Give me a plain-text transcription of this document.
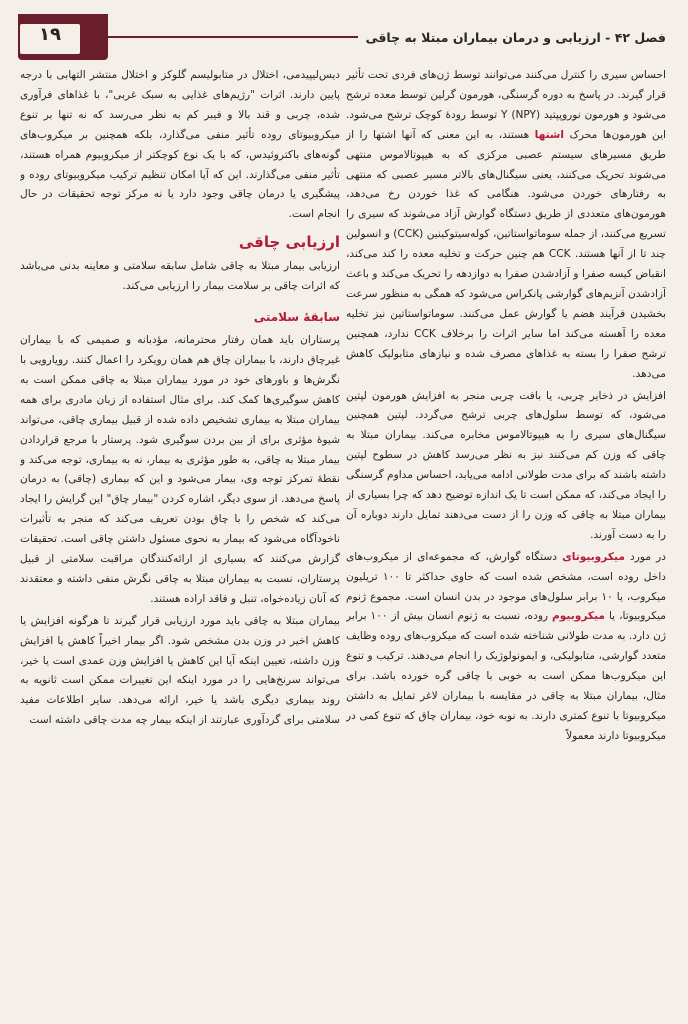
فصل ۴۲ - ارزیابی و درمان بیماران مبتلا به چاقی
۱۹

احساس سیری را کنترل می‌کنند می‌توانند توسط ژن‌های فردی تحت تأثیر قرار گیرند. در پاسخ به دوره گرسنگی، هورمون گرلین توسط معده ترشح می‌شود و هورمون نوروپپتید Y (NPY) توسط رودهٔ کوچک ترشح می‌شود. این هورمون‌ها محرک اشتها هستند، به این معنی که آنها اشتها را از طریق مسیرهای سیستم عصبی مرکزی که به هیپوتالاموس منتهی می‌شوند تحریک می‌کنند، یعنی سیگنال‌های بالاتر مسیر عصبی که منتهی به رفتارهای خوردن می‌شود. هنگامی که غذا خوردن رخ می‌دهد، هورمون‌های متعددی از طریق دستگاه گوارش آزاد می‌شوند که سیری را تسریع می‌کنند، از جمله سوماتواستاتین، کوله‌سیتوکینین (CCK) و انسولین چند تا از آنها هستند. CCK هم چنین حرکت و تخلیه معده را کند می‌کند، انقباض کیسه صفرا و آزادشدن صفرا به دوازدهه را تحریک می‌کند و باعث آزادشدن آنزیم‌های گوارشی پانکراس می‌شود که همگی به منظور سرعت بخشیدن فرآیند هضم یا گوارش عمل می‌کنند. سوماتواستاتین نیز تخلیه معده را آهسته می‌کند اما سایر اثرات را برخلاف CCK ندارد، همچنین ترشح صفرا را بسته به غذاهای مصرف شده و نیازهای متابولیک کاهش می‌دهد.

افزایش در ذخایر چربی، یا بافت چربی منجر به افزایش هورمون لپتین می‌شود، که توسط سلول‌های چربی ترشح می‌گردد. لپتین همچنین سیگنال‌های سیری را به هیپوتالاموس مخابره می‌کند. بیماران مبتلا به چاقی که وزن کم می‌کنند نیز به نظر می‌رسد کاهش در سطوح لپتین داشته باشند که برای مدت طولانی ادامه می‌یابد، احساس مداوم گرسنگی را ایجاد می‌کند، که ممکن است تا یک اندازه توضیح دهد که چرا بسیاری از بیماران مبتلا به چاقی که وزن را از دست می‌دهند تمایل دارند دوباره آن را به دست آورند.

در مورد میکروبیوتای دستگاه گوارش، که مجموعه‌ای از میکروب‌های داخل روده است، مشخص شده است که حاوی حداکثر تا ۱۰۰ تریلیون میکروب، یا ۱۰ برابر سلول‌های موجود در بدن انسان است. مجموع ژنوم میکروبیوتا، یا میکروبیوم روده، نسبت به ژنوم انسان بیش از ۱۰۰ برابر ژن دارد. به مدت طولانی شناخته شده است که میکروب‌های روده وظایف متعدد گوارشی، متابولیکی، و ایمونولوژیک را انجام می‌دهند. ترکیب و تنوع این میکروب‌ها ممکن است به خوبی با چاقی گره خورده باشد. برای مثال، بیماران مبتلا به چاقی در مقایسه با بیماران لاغر تمایل به داشتن میکروبیوتا با تنوع کمتری دارند. به نوبه خود، بیماران چاق که تنوع کمی در میکروبیوتا دارند معمولاً

دیس‌لیپیدمی، اختلال در متابولیسم گلوکز و اختلال منتشر التهابی با درجه پایین دارند. اثرات "رژیم‌های غذایی به سبک غربی"، با غذاهای فرآوری شده، چربی و قند بالا و فیبر کم به نظر می‌رسد که نه تنها بر تنوع میکروبیوتای روده تأثیر منفی می‌گذارد، بلکه همچنین بر میکروب‌های گونه‌های باکتروئیدس، که با یک نوع کوچکتر از میکروبیوم همراه هستند، تأثیر منفی می‌گذارند. این که آیا امکان تنظیم ترکیب میکروبیوتای روده و پیشگیری یا درمان چاقی وجود دارد یا نه مرکز توجه تحقیقات در حال انجام است.

ارزیابی چاقی

ارزیابی بیمار مبتلا به چاقی شامل سابقه سلامتی و معاینه بدنی می‌باشد که اثرات چاقی بر سلامت بیمار را ارزیابی می‌کند.

سابقهٔ سلامتی

پرستاران باید همان رفتار محترمانه، مؤدبانه و صمیمی که با بیماران غیرچاق دارند، با بیماران چاق هم همان رویکرد را اعمال کنند. رویارویی با نگرش‌ها و باورهای خود در مورد بیماران مبتلا به چاقی ممکن است به کاهش سوگیری‌ها کمک کند. برای مثال استفاده از زبان مادری برای همه بیماران مبتلا به بیماری تشخیص داده شده از قبیل بیماری چاقی، می‌تواند شیوهٔ مؤثری برای از بین بردن سوگیری شود. پرستار با مرجع قراردادن بیمار مبتلا به چاقی، به طور مؤثری به بیمار، نه به بیماری، توجه می‌کند و نقطهٔ تمرکز توجه وی، بیمار می‌شود و این که بیماری (چاقی) به درمان پاسخ می‌دهد. از سوی دیگر، اشاره کردن "بیمار چاق" این گرایش را ایجاد می‌کند که شخص را با چاق بودن تعریف می‌کند که منجر به تأثیرات ناخودآگاه می‌شود که بیمار به نحوی مسئول داشتن چاقی است. تحقیقات گزارش می‌کنند که بسیاری از ارائه‌کنندگان مراقبت سلامتی از قبیل پرستاران، نسبت به بیماران مبتلا به چاقی نگرش منفی داشته و معتقدند که آنان زیاده‌خواه، تنبل و فاقد اراده هستند.

بیماران مبتلا به چاقی باید مورد ارزیابی قرار گیرند تا هرگونه افزایش یا کاهش اخیر در وزن بدن مشخص شود. اگر بیمار اخیراً کاهش یا افزایش وزن داشته، تعیین اینکه آیا این کاهش یا افزایش وزن عمدی است یا خیر، می‌تواند سرنخ‌هایی را در مورد اینکه این تغییرات ممکن است ثانویه به روند بیماری دیگری باشد یا خیر، ارائه می‌دهد. سایر اطلاعات مفید سلامتی برای گردآوری عبارتند از اینکه بیمار چه مدت چاقی داشته است
